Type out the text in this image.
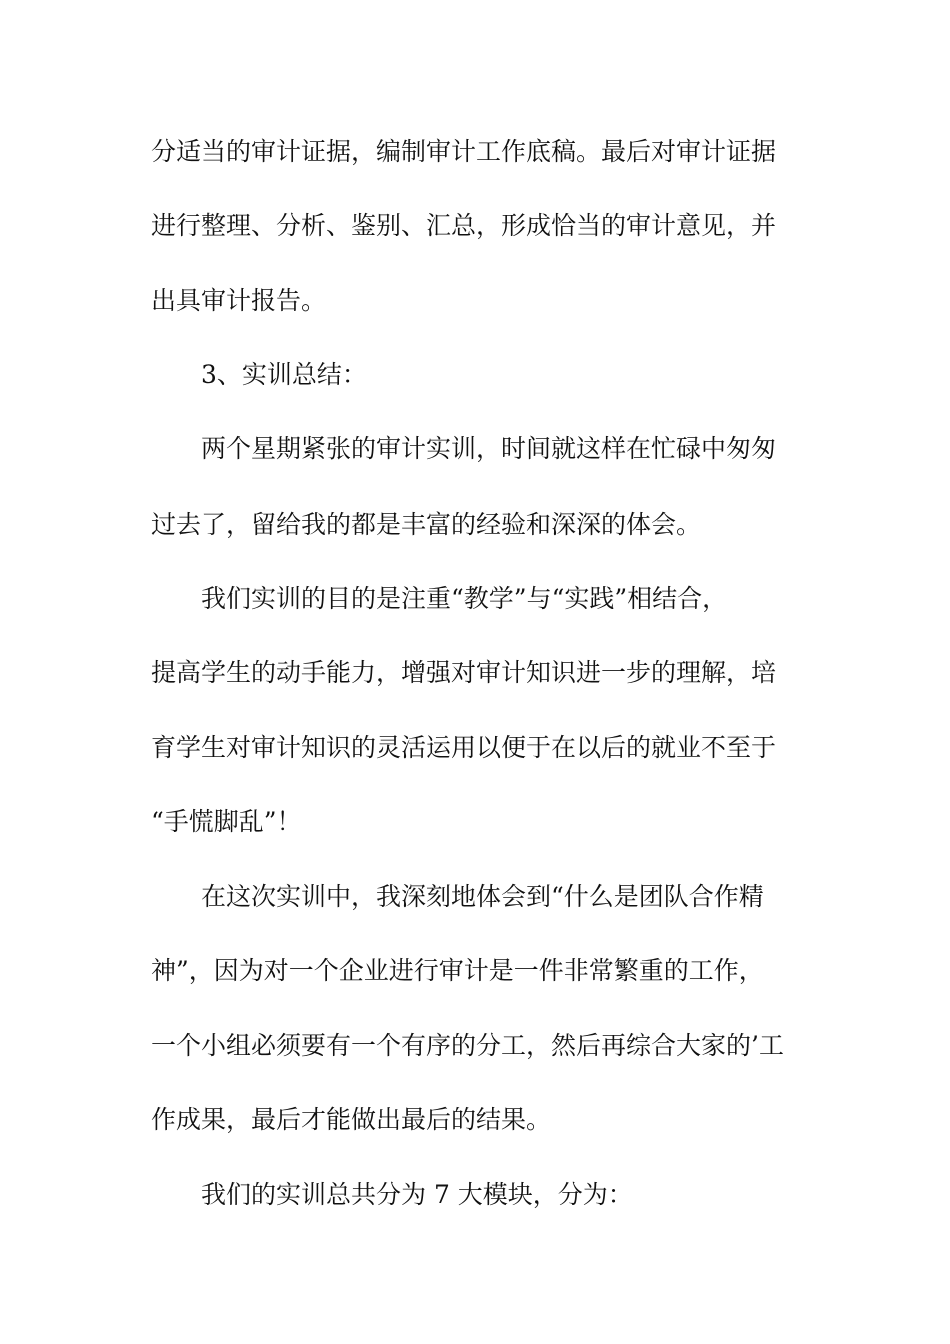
分适当的审计证据，编制审计工作底稿。最后对审计证据
进行整理、分析、鉴别、汇总，形成恰当的审计意见，并
出具审计报告。
3、实训总结：
两个星期紧张的审计实训，时间就这样在忙碌中匆匆
过去了，留给我的都是丰富的经验和深深的体会。
我们实训的目的是注重“教学”与“实践”相结合，
提高学生的动手能力，增强对审计知识进一步的理解，培
育学生对审计知识的灵活运用以便于在以后的就业不至于
“手慌脚乱”！
在这次实训中，我深刻地体会到“什么是团队合作精
神”，因为对一个企业进行审计是一件非常繁重的工作，
一个小组必须要有一个有序的分工，然后再综合大家的’工
作成果，最后才能做出最后的结果。
我们的实训总共分为 7 大模块，分为：
